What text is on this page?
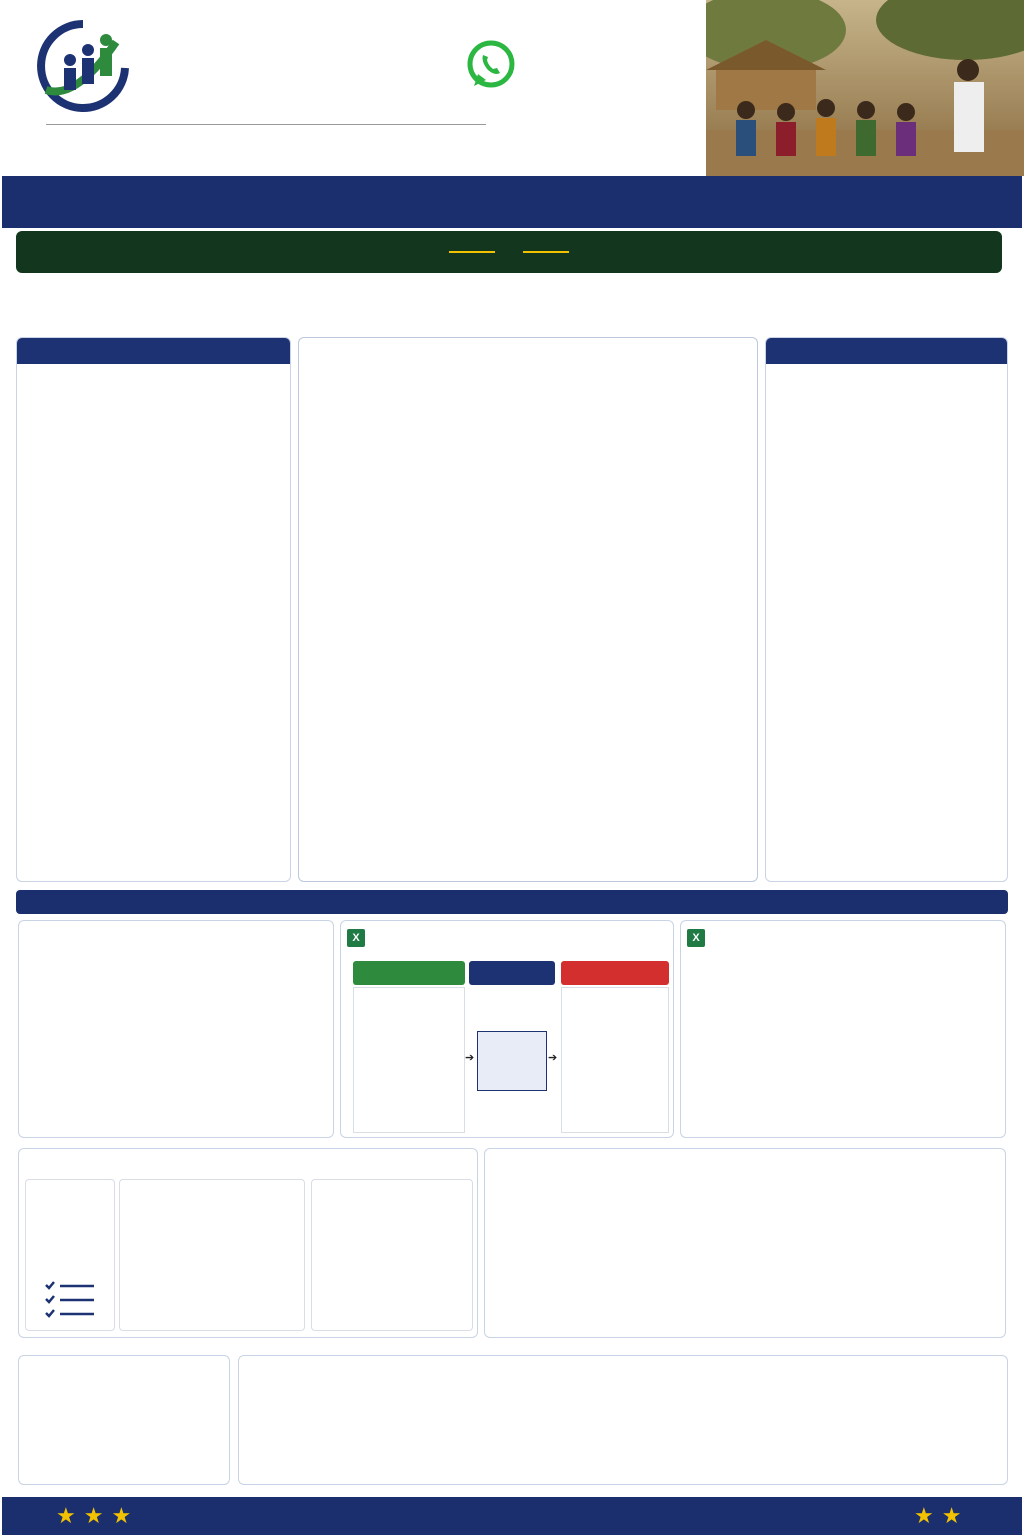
X
➔	➔
X
★★★	★★
